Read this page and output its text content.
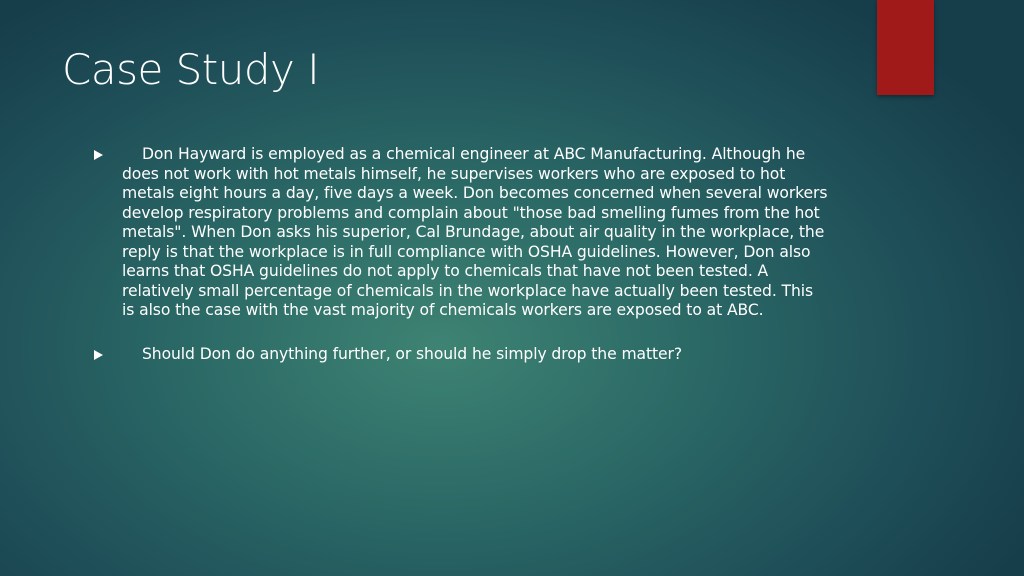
Case Study I
Don Hayward is employed as a chemical engineer at ABC Manufacturing. Although he does not work with hot metals himself, he supervises workers who are exposed to hot metals eight hours a day, five days a week. Don becomes concerned when several workers develop respiratory problems and complain about "those bad smelling fumes from the hot metals". When Don asks his superior, Cal Brundage, about air quality in the workplace, the reply is that the workplace is in full compliance with OSHA guidelines. However, Don also learns that OSHA guidelines do not apply to chemicals that have not been tested. A relatively small percentage of chemicals in the workplace have actually been tested. This is also the case with the vast majority of chemicals workers are exposed to at ABC.
Should Don do anything further, or should he simply drop the matter?
